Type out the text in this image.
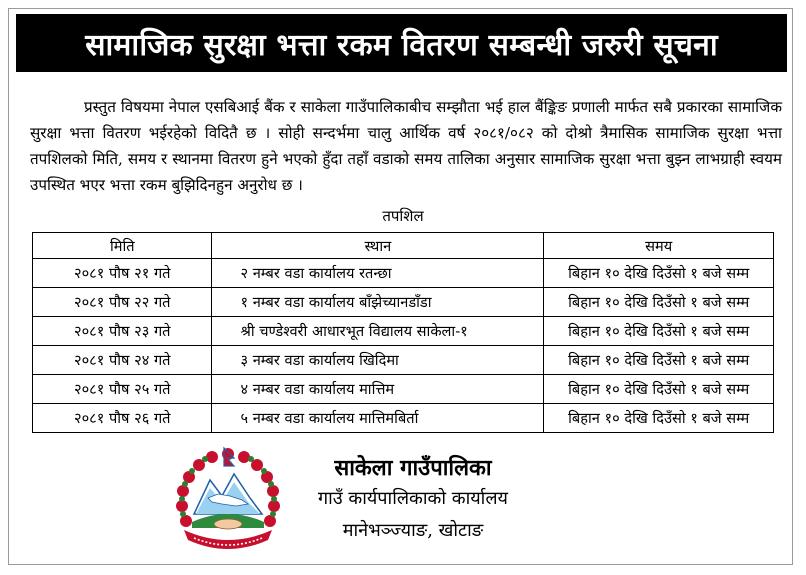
सामाजिक सुरक्षा भत्ता रकम वितरण सम्बन्धी जरुरी सूचना
प्रस्तुत विषयमा नेपाल एसबिआई बैंक र साकेला गाउँपालिकाबीच सम्झौता भई हाल बैंङ्किङ प्रणाली मार्फत सबै प्रकारका सामाजिक सुरक्षा भत्ता वितरण भईरहेको विदितै छ । सोही सन्दर्भमा चालु आर्थिक वर्ष २०८१/०८२ को दोश्रो त्रैमासिक सामाजिक सुरक्षा भत्ता तपशिलको मिति, समय र स्थानमा वितरण हुने भएको हुँदा तहाँ वडाको समय तालिका अनुसार सामाजिक सुरक्षा भत्ता बुझ्न लाभग्राही स्वयम उपस्थित भएर भत्ता रकम बुझिदिनहुन अनुरोध छ ।
तपशिल
मिति	स्थान	समय
२०८१ पौष २१ गते	२ नम्बर वडा कार्यालय रतन्छा	बिहान १० देखि दिउँसो १ बजे सम्म
२०८१ पौष २२ गते	१ नम्बर वडा कार्यालय बाँझेच्यानडाँडा	बिहान १० देखि दिउँसो १ बजे सम्म
२०८१ पौष २३ गते	श्री चण्डेश्वरी आधारभूत विद्यालय साकेला-१	बिहान १० देखि दिउँसो १ बजे सम्म
२०८१ पौष २४ गते	३ नम्बर वडा कार्यालय खिदिमा	बिहान १० देखि दिउँसो १ बजे सम्म
२०८१ पौष २५ गते	४ नम्बर वडा कार्यालय मात्तिम	बिहान १० देखि दिउँसो १ बजे सम्म
२०८१ पौष २६ गते	५ नम्बर वडा कार्यालय मात्तिमबिर्ता	बिहान १० देखि दिउँसो १ बजे सम्म
साकेला गाउँपालिका
गाउँ कार्यपालिकाको कार्यालय
मानेभञ्ज्याङ, खोटाङ
